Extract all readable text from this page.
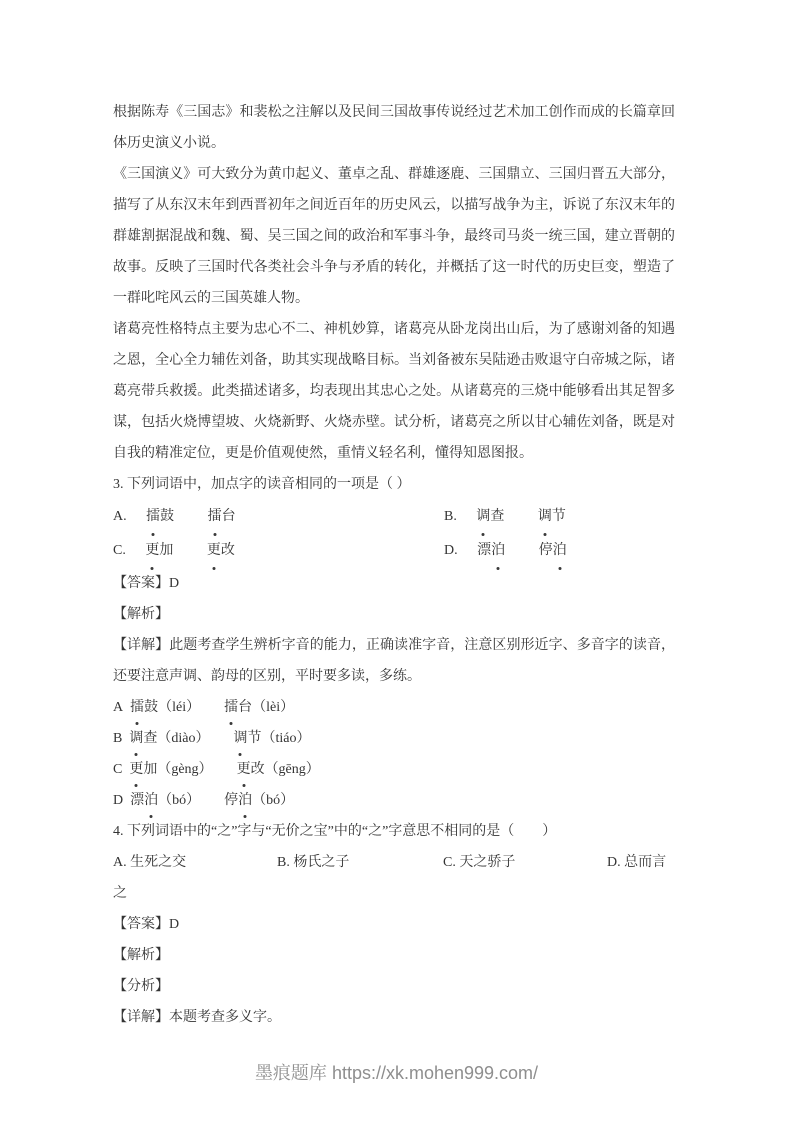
根据陈寿《三国志》和裴松之注解以及民间三国故事传说经过艺术加工创作而成的长篇章回体历史演义小说。

《三国演义》可大致分为黄巾起义、董卓之乱、群雄逐鹿、三国鼎立、三国归晋五大部分，描写了从东汉末年到西晋初年之间近百年的历史风云，以描写战争为主，诉说了东汉末年的群雄割据混战和魏、蜀、吴三国之间的政治和军事斗争，最终司马炎一统三国，建立晋朝的故事。反映了三国时代各类社会斗争与矛盾的转化，并概括了这一时代的历史巨变，塑造了一群叱咤风云的三国英雄人物。

诸葛亮性格特点主要为忠心不二、神机妙算，诸葛亮从卧龙岗出山后，为了感谢刘备的知遇之恩，全心全力辅佐刘备，助其实现战略目标。当刘备被东吴陆逊击败退守白帝城之际，诸葛亮带兵救援。此类描述诸多，均表现出其忠心之处。从诸葛亮的三烧中能够看出其足智多谋，包括火烧博望坡、火烧新野、火烧赤壁。试分析，诸葛亮之所以甘心辅佐刘备，既是对自我的精准定位，更是价值观使然，重情义轻名利，懂得知恩图报。

3. 下列词语中，加点字的读音相同的一项是（ ）

A. 擂鼓 擂台	B. 调查 调节
C. 更加 更改	D. 漂泊 停泊

【答案】D

【解析】

【详解】此题考查学生辨析字音的能力，正确读准字音，注意区别形近字、多音字的读音，还要注意声调、韵母的区别，平时要多读，多练。

A 擂鼓（léi） 擂台（lèi）
B 调查（diào） 调节（tiáo）
C 更加（gèng） 更改（gēng）
D 漂泊（bó） 停泊（bó）

4. 下列词语中的“之”字与“无价之宝”中的“之”字意思不相同的是（　　）

A. 生死之交	B. 杨氏之子	C. 天之骄子	D. 总而言

之

【答案】D

【解析】

【分析】

【详解】本题考查多义字。

墨痕题库 https://xk.mohen999.com/
